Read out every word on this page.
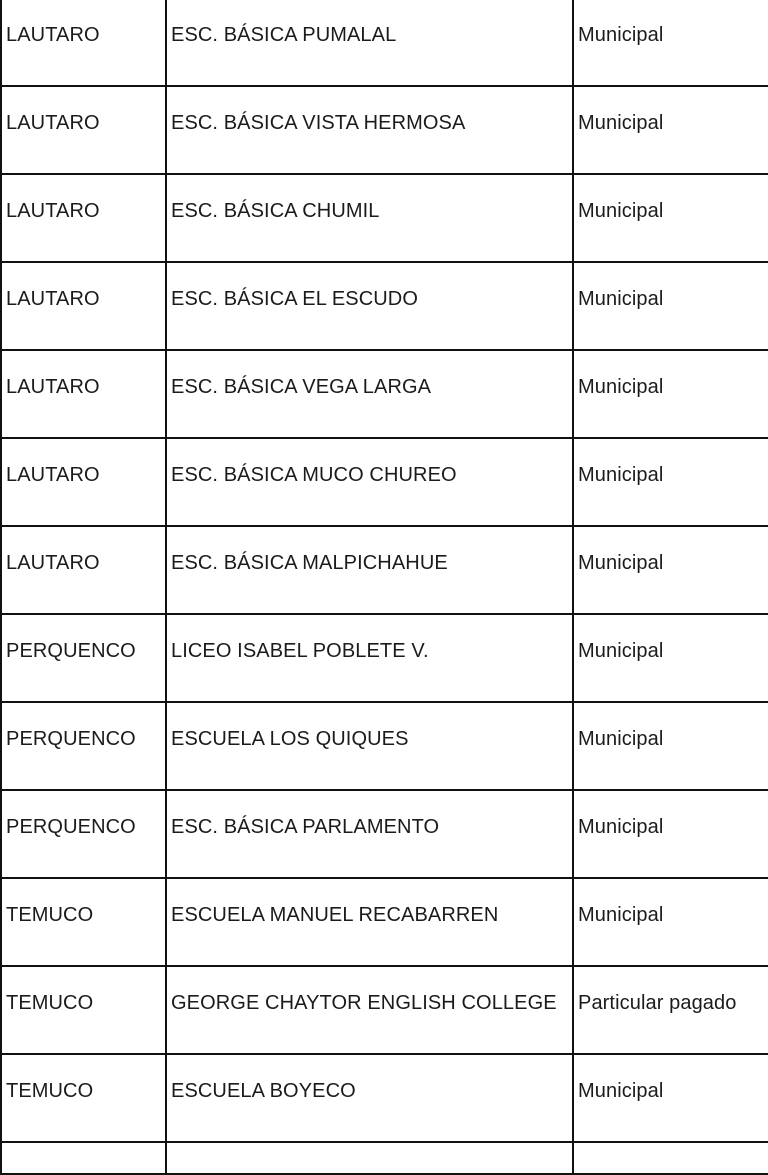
LAUTARO	ESC. BÁSICA PUMALAL	Municipal
LAUTARO	ESC. BÁSICA VISTA HERMOSA	Municipal
LAUTARO	ESC. BÁSICA CHUMIL	Municipal
LAUTARO	ESC. BÁSICA EL ESCUDO	Municipal
LAUTARO	ESC. BÁSICA VEGA LARGA	Municipal
LAUTARO	ESC. BÁSICA MUCO CHUREO	Municipal
LAUTARO	ESC. BÁSICA MALPICHAHUE	Municipal
PERQUENCO	LICEO ISABEL POBLETE V.	Municipal
PERQUENCO	ESCUELA LOS QUIQUES	Municipal
PERQUENCO	ESC. BÁSICA PARLAMENTO	Municipal
TEMUCO	ESCUELA MANUEL RECABARREN	Municipal
TEMUCO	GEORGE CHAYTOR ENGLISH COLLEGE	Particular pagado
TEMUCO	ESCUELA BOYECO	Municipal
